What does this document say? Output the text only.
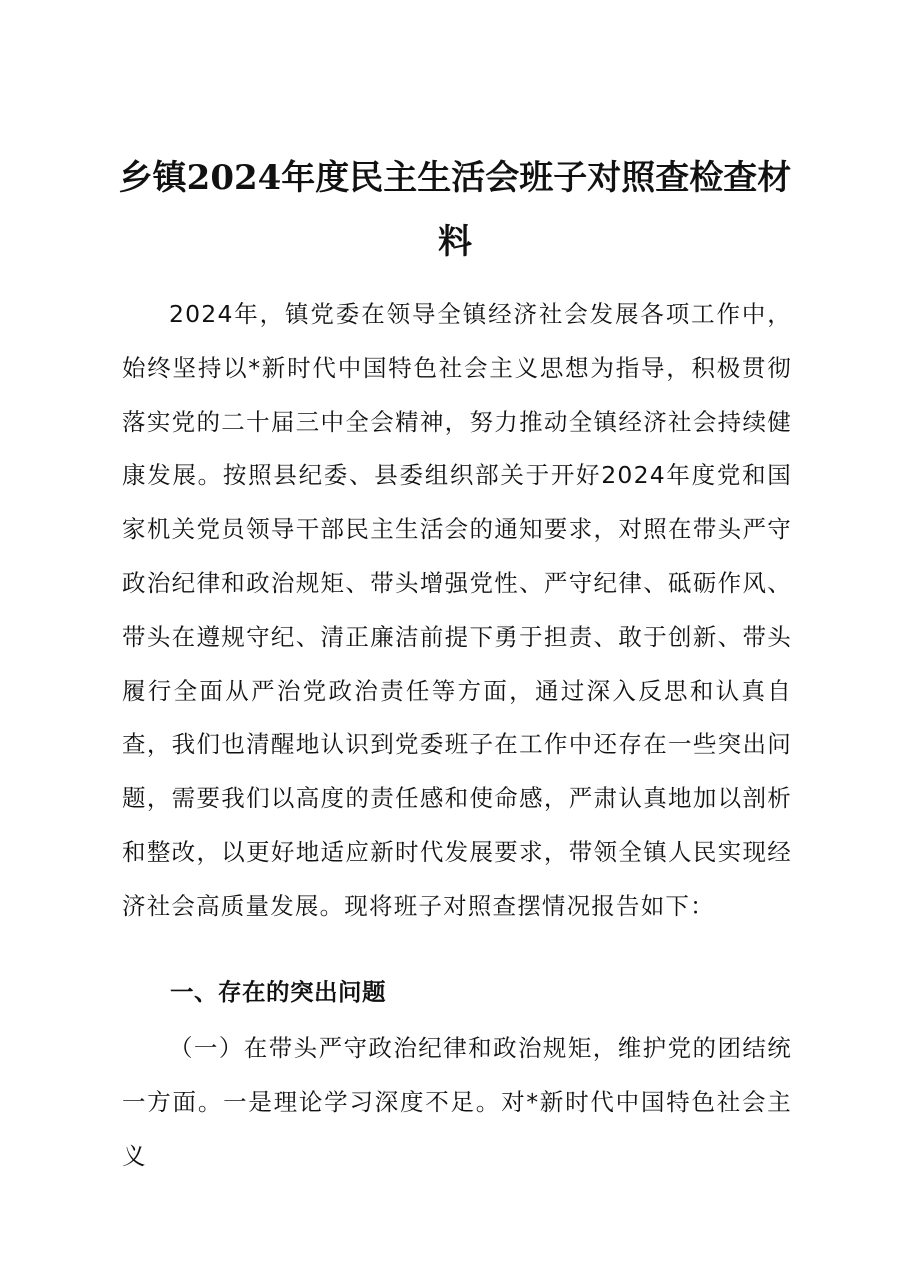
乡镇2024年度民主生活会班子对照查检查材料

2024年，镇党委在领导全镇经济社会发展各项工作中，始终坚持以*新时代中国特色社会主义思想为指导，积极贯彻落实党的二十届三中全会精神，努力推动全镇经济社会持续健康发展。按照县纪委、县委组织部关于开好2024年度党和国家机关党员领导干部民主生活会的通知要求，对照在带头严守政治纪律和政治规矩、带头增强党性、严守纪律、砥砺作风、带头在遵规守纪、清正廉洁前提下勇于担责、敢于创新、带头履行全面从严治党政治责任等方面，通过深入反思和认真自查，我们也清醒地认识到党委班子在工作中还存在一些突出问题，需要我们以高度的责任感和使命感，严肃认真地加以剖析和整改，以更好地适应新时代发展要求，带领全镇人民实现经济社会高质量发展。现将班子对照查摆情况报告如下：

一、存在的突出问题

（一）在带头严守政治纪律和政治规矩，维护党的团结统一方面。一是理论学习深度不足。对*新时代中国特色社会主义
